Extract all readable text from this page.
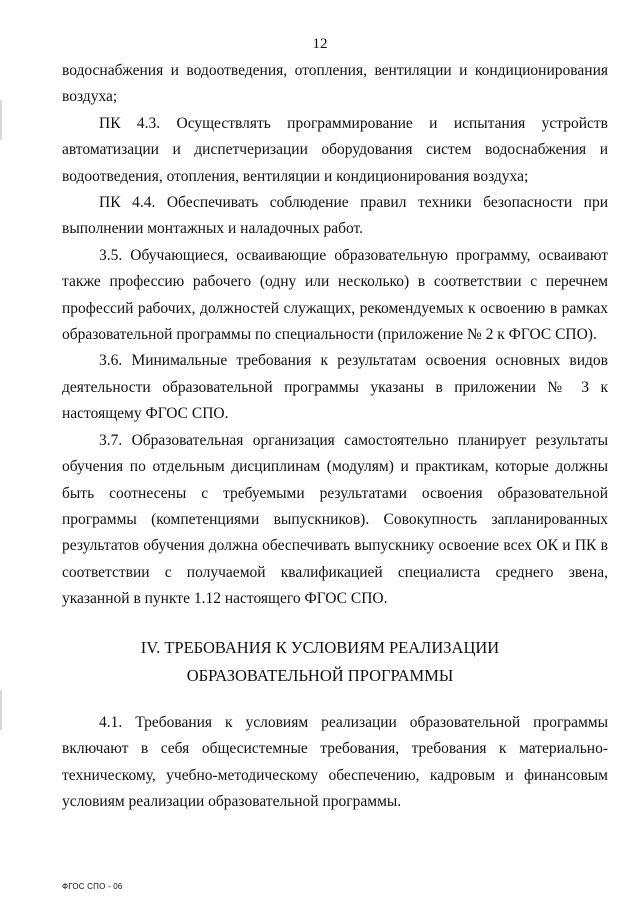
12

водоснабжения и водоотведения, отопления, вентиляции и кондиционирования воздуха;

ПК 4.3. Осуществлять программирование и испытания устройств автоматизации и диспетчеризации оборудования систем водоснабжения и водоотведения, отопления, вентиляции и кондиционирования воздуха;

ПК 4.4. Обеспечивать соблюдение правил техники безопасности при выполнении монтажных и наладочных работ.

3.5. Обучающиеся, осваивающие образовательную программу, осваивают также профессию рабочего (одну или несколько) в соответствии с перечнем профессий рабочих, должностей служащих, рекомендуемых к освоению в рамках образовательной программы по специальности (приложение № 2 к ФГОС СПО).

3.6. Минимальные требования к результатам освоения основных видов деятельности образовательной программы указаны в приложении № 3 к настоящему ФГОС СПО.

3.7. Образовательная организация самостоятельно планирует результаты обучения по отдельным дисциплинам (модулям) и практикам, которые должны быть соотнесены с требуемыми результатами освоения образовательной программы (компетенциями выпускников). Совокупность запланированных результатов обучения должна обеспечивать выпускнику освоение всех ОК и ПК в соответствии с получаемой квалификацией специалиста среднего звена, указанной в пункте 1.12 настоящего ФГОС СПО.

IV. ТРЕБОВАНИЯ К УСЛОВИЯМ РЕАЛИЗАЦИИ
ОБРАЗОВАТЕЛЬНОЙ ПРОГРАММЫ

4.1. Требования к условиям реализации образовательной программы включают в себя общесистемные требования, требования к материально-техническому, учебно-методическому обеспечению, кадровым и финансовым условиям реализации образовательной программы.

ФГОС СПО - 06
